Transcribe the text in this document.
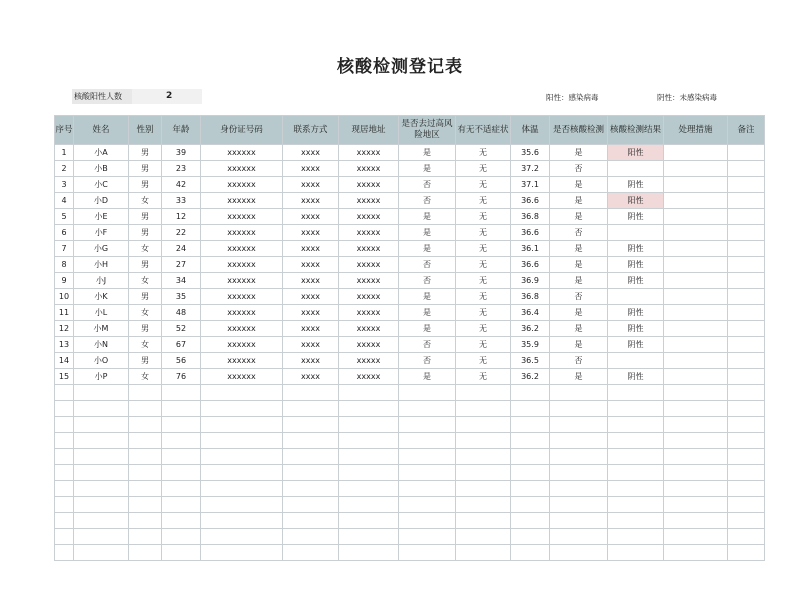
核酸检测登记表
核酸阳性人数	2	阳性：感染病毒	阴性：未感染病毒
序号	姓名	性别	年龄	身份证号码	联系方式	现居地址	是否去过高风险地区	有无不适症状	体温	是否核酸检测	核酸检测结果	处理措施	备注
1	小A	男	39	xxxxxx	xxxx	xxxxx	是	无	35.6	是	阳性		
2	小B	男	23	xxxxxx	xxxx	xxxxx	是	无	37.2	否			
3	小C	男	42	xxxxxx	xxxx	xxxxx	否	无	37.1	是	阴性		
4	小D	女	33	xxxxxx	xxxx	xxxxx	否	无	36.6	是	阳性		
5	小E	男	12	xxxxxx	xxxx	xxxxx	是	无	36.8	是	阴性		
6	小F	男	22	xxxxxx	xxxx	xxxxx	是	无	36.6	否			
7	小G	女	24	xxxxxx	xxxx	xxxxx	是	无	36.1	是	阴性		
8	小H	男	27	xxxxxx	xxxx	xxxxx	否	无	36.6	是	阴性		
9	小J	女	34	xxxxxx	xxxx	xxxxx	否	无	36.9	是	阴性		
10	小K	男	35	xxxxxx	xxxx	xxxxx	是	无	36.8	否			
11	小L	女	48	xxxxxx	xxxx	xxxxx	是	无	36.4	是	阴性		
12	小M	男	52	xxxxxx	xxxx	xxxxx	是	无	36.2	是	阴性		
13	小N	女	67	xxxxxx	xxxx	xxxxx	否	无	35.9	是	阴性		
14	小O	男	56	xxxxxx	xxxx	xxxxx	否	无	36.5	否			
15	小P	女	76	xxxxxx	xxxx	xxxxx	是	无	36.2	是	阴性		
